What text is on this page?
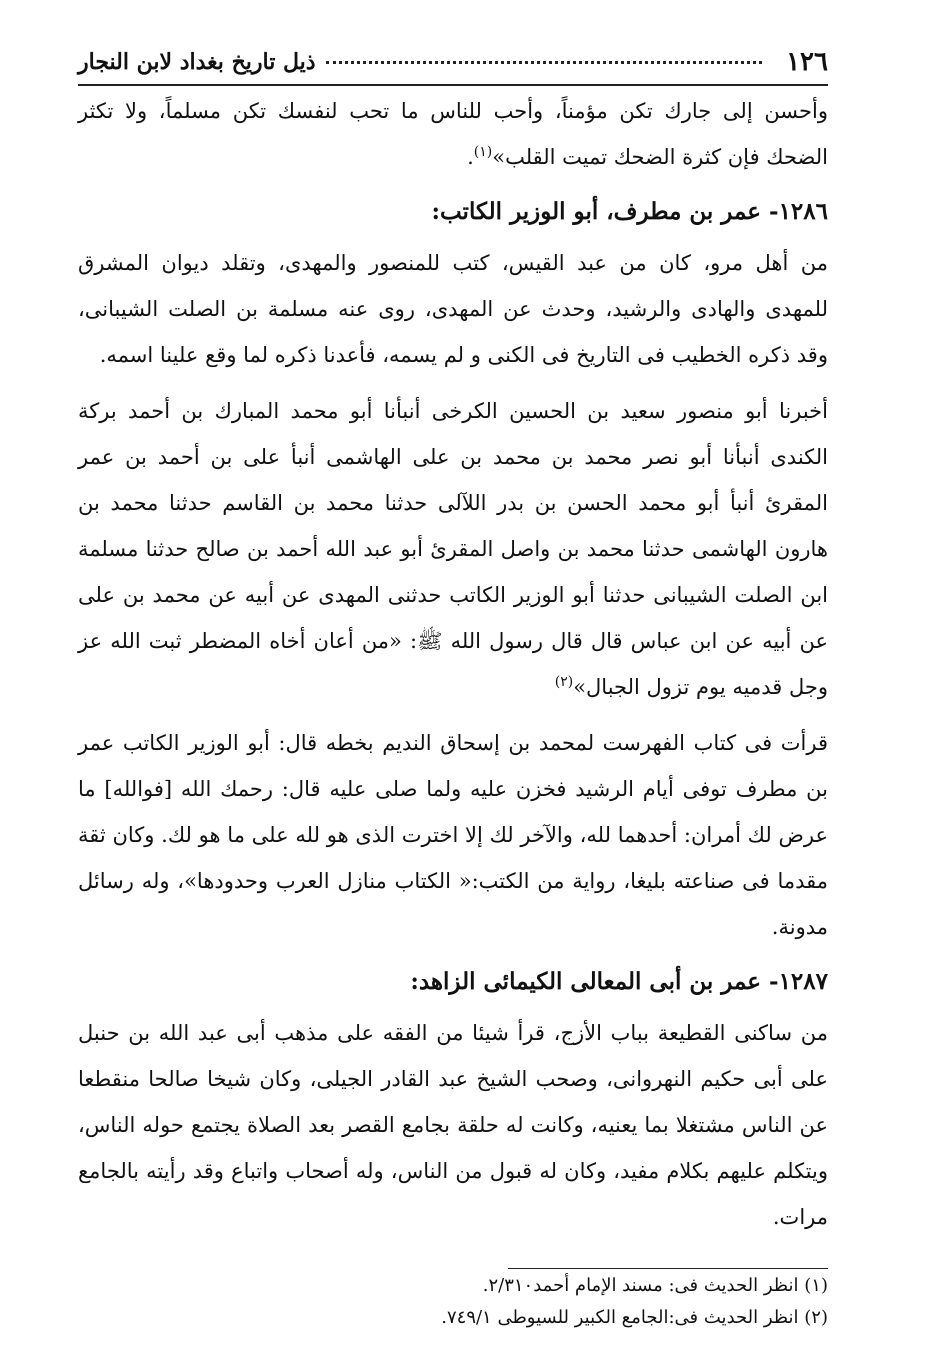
١٢٦
ذيل تاريخ بغداد لابن النجار

وأحسن إلى جارك تكن مؤمناً، وأحب للناس ما تحب لنفسك تكن مسلماً، ولا تكثر الضحك فإن كثرة الضحك تميت القلب»$^{(١)}$.

١٢٨٦- عمر بن مطرف، أبو الوزير الكاتب:

من أهل مرو، كان من عبد القيس، كتب للمنصور والمهدى، وتقلد ديوان المشرق للمهدى والهادى والرشيد، وحدث عن المهدى، روى عنه مسلمة بن الصلت الشيبانى، وقد ذكره الخطيب فى التاريخ فى الكنى و لم يسمه، فأعدنا ذكره لما وقع علينا اسمه.

أخبرنا أبو منصور سعيد بن الحسين الكرخى أنبأنا أبو محمد المبارك بن أحمد بركة الكندى أنبأنا أبو نصر محمد بن محمد بن على الهاشمى أنبأ على بن أحمد بن عمر المقرئ أنبأ أبو محمد الحسن بن بدر اللآلى حدثنا محمد بن القاسم حدثنا محمد بن هارون الهاشمى حدثنا محمد بن واصل المقرئ أبو عبد الله أحمد بن صالح حدثنا مسلمة ابن الصلت الشيبانى حدثنا أبو الوزير الكاتب حدثنى المهدى عن أبيه عن محمد بن على عن أبيه عن ابن عباس قال قال رسول الله ﷺ: «من أعان أخاه المضطر ثبت الله عز وجل قدميه يوم تزول الجبال»$^{(٢)}$

قرأت فى كتاب الفهرست لمحمد بن إسحاق النديم بخطه قال: أبو الوزير الكاتب عمر بن مطرف توفى أيام الرشيد فخزن عليه ولما صلى عليه قال: رحمك الله [فوالله] ما عرض لك أمران: أحدهما لله، والآخر لك إلا اخترت الذى هو لله على ما هو لك. وكان ثقة مقدما فى صناعته بليغا، رواية من الكتب:« الكتاب منازل العرب وحدودها»، وله رسائل مدونة.

١٢٨٧- عمر بن أبى المعالى الكيمائى الزاهد:

من ساكنى القطيعة بباب الأزج، قرأ شيئا من الفقه على مذهب أبى عبد الله بن حنبل على أبى حكيم النهروانى، وصحب الشيخ عبد القادر الجيلى، وكان شيخا صالحا منقطعا عن الناس مشتغلا بما يعنيه، وكانت له حلقة بجامع القصر بعد الصلاة يجتمع حوله الناس، ويتكلم عليهم بكلام مفيد، وكان له قبول من الناس، وله أصحاب واتباع وقد رأيته بالجامع مرات.

(١) انظر الحديث فى: مسند الإمام أحمد٢/٣١٠.
(٢) انظر الحديث فى:الجامع الكبير للسيوطى ٧٤٩/١.
